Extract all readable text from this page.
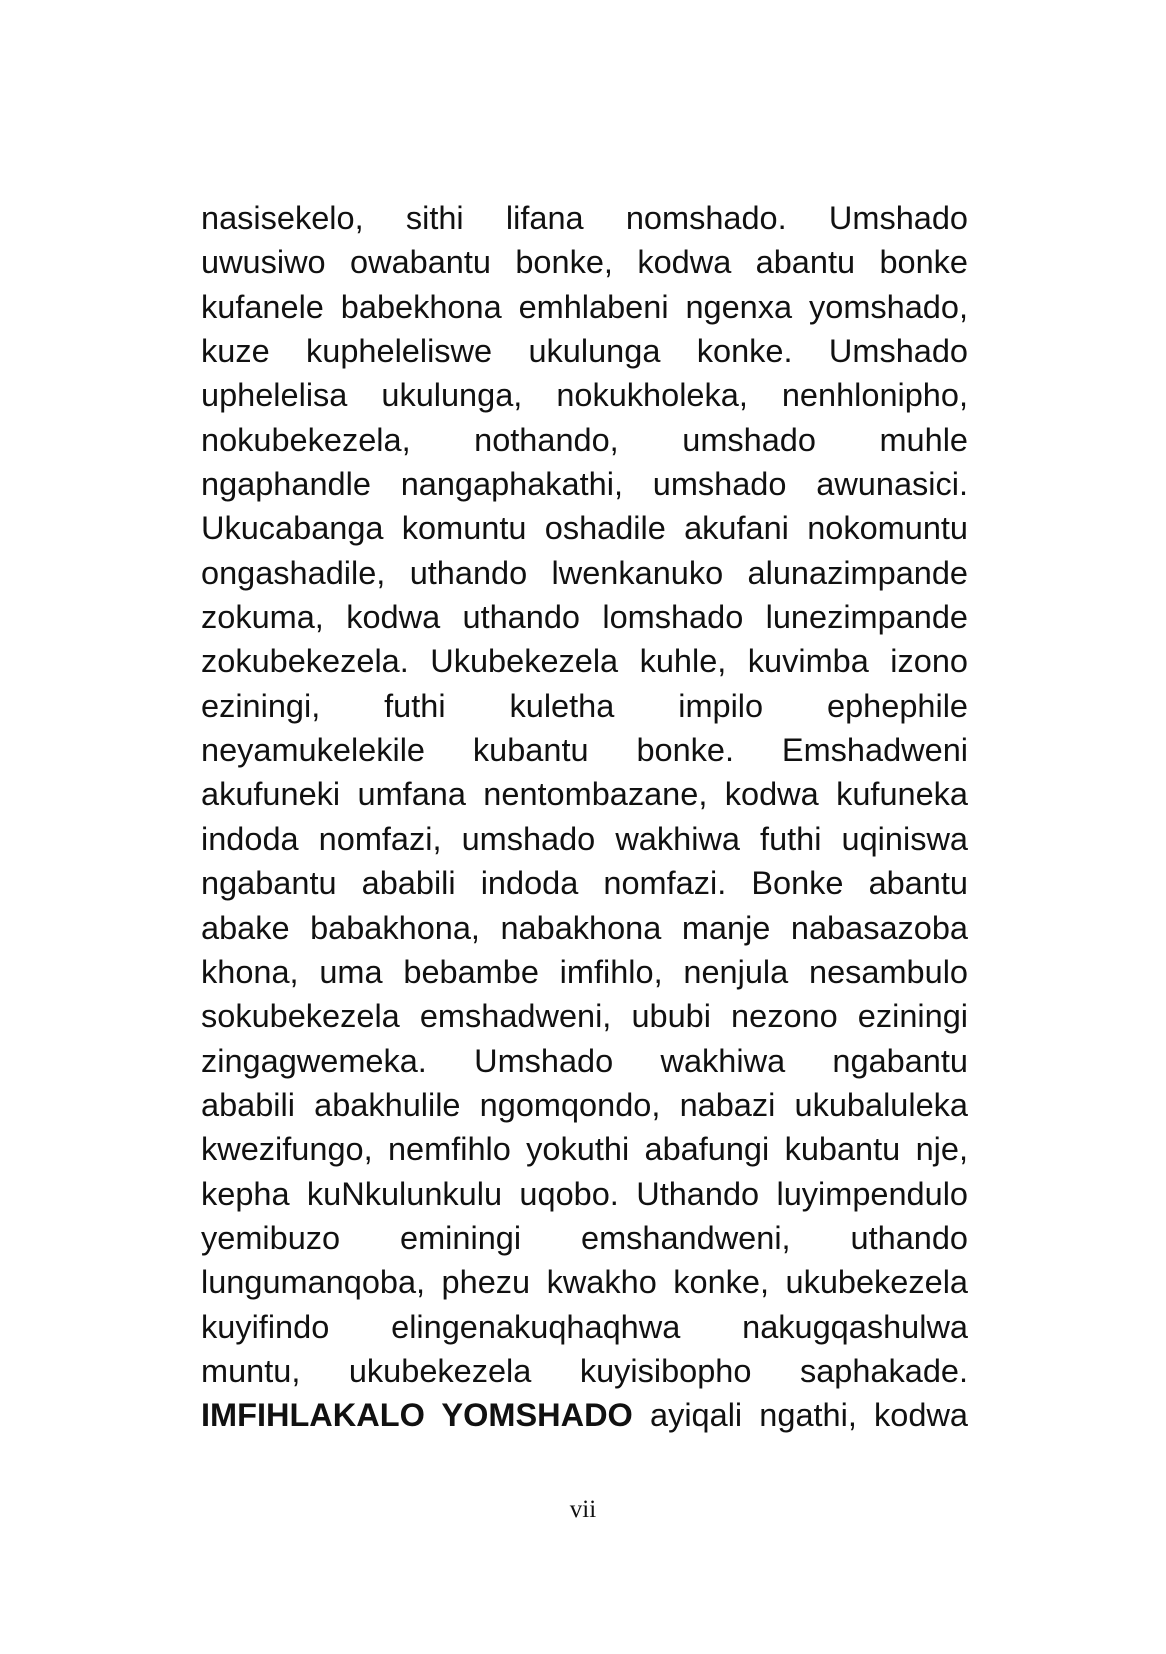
nasisekelo, sithi lifana nomshado. Umshado
uwusiwo owabantu bonke, kodwa abantu bonke
kufanele babekhona emhlabeni ngenxa yomshado,
kuze kupheleliswe ukulunga konke. Umshado
uphelelisa ukulunga, nokukholeka, nenhlonipho,
nokubekezela, nothando, umshado muhle
ngaphandle nangaphakathi, umshado awunasici.
Ukucabanga komuntu oshadile akufani nokomuntu
ongashadile, uthando lwenkanuko alunazimpande
zokuma, kodwa uthando lomshado lunezimpande
zokubekezela. Ukubekezela kuhle, kuvimba izono
eziningi, futhi kuletha impilo ephephile
neyamukelekile kubantu bonke. Emshadweni
akufuneki umfana nentombazane, kodwa kufuneka
indoda nomfazi, umshado wakhiwa futhi uqiniswa
ngabantu ababili indoda nomfazi. Bonke abantu
abake babakhona, nabakhona manje nabasazoba
khona, uma bebambe imfihlo, nenjula nesambulo
sokubekezela emshadweni, ububi nezono eziningi
zingagwemeka. Umshado wakhiwa ngabantu
ababili abakhulile ngomqondo, nabazi ukubaluleka
kwezifungo, nemfihlo yokuthi abafungi kubantu nje,
kepha kuNkulunkulu uqobo. Uthando luyimpendulo
yemibuzo eminingi emshandweni, uthando
lungumanqoba, phezu kwakho konke, ukubekezela
kuyifindo elingenakuqhaqhwa nakugqashulwa
muntu, ukubekezela kuyisibopho saphakade.
IMFIHLAKALO YOMSHADO ayiqali ngathi, kodwa
vii
